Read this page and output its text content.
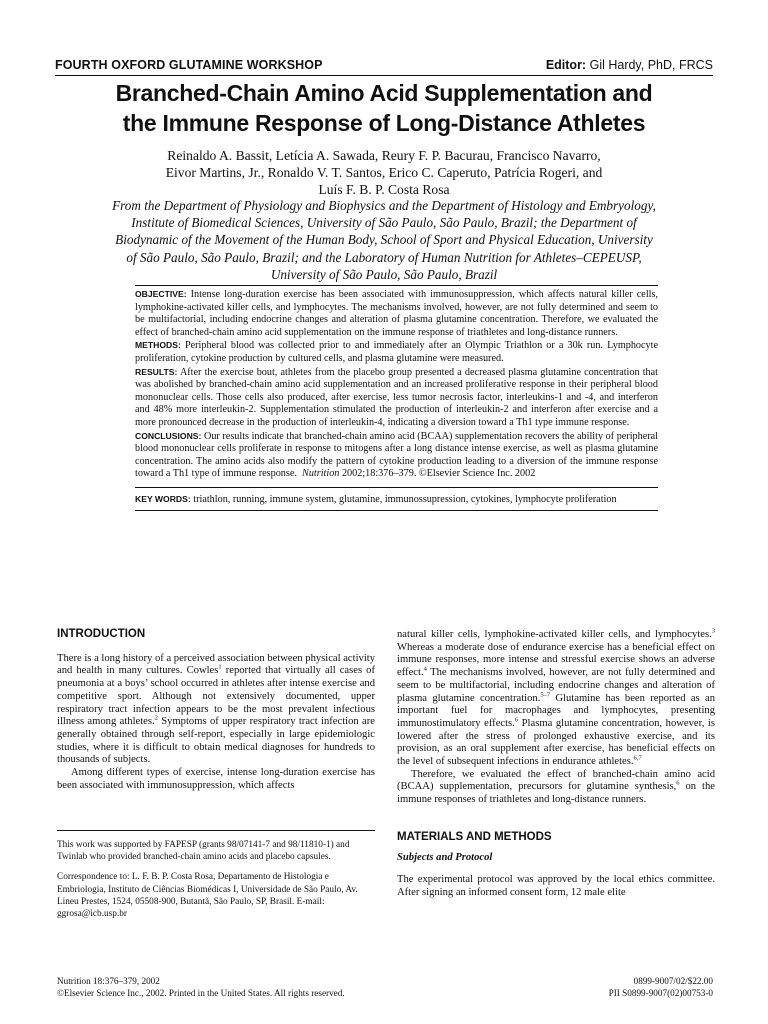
FOURTH OXFORD GLUTAMINE WORKSHOP	Editor: Gil Hardy, PhD, FRCS
Branched-Chain Amino Acid Supplementation and
the Immune Response of Long-Distance Athletes
Reinaldo A. Bassit, Letícia A. Sawada, Reury F. P. Bacurau, Francisco Navarro,
Eivor Martins, Jr., Ronaldo V. T. Santos, Erico C. Caperuto, Patrícia Rogeri, and
Luís F. B. P. Costa Rosa
From the Department of Physiology and Biophysics and the Department of Histology and Embryology, Institute of Biomedical Sciences, University of São Paulo, São Paulo, Brazil; the Department of Biodynamic of the Movement of the Human Body, School of Sport and Physical Education, University of São Paulo, São Paulo, Brazil; and the Laboratory of Human Nutrition for Athletes–CEPEUSP, University of São Paulo, São Paulo, Brazil

OBJECTIVE: Intense long-duration exercise has been associated with immunosuppression, which affects natural killer cells, lymphokine-activated killer cells, and lymphocytes. The mechanisms involved, however, are not fully determined and seem to be multifactorial, including endocrine changes and alteration of plasma glutamine concentration. Therefore, we evaluated the effect of branched-chain amino acid supplementation on the immune response of triathletes and long-distance runners.

METHODS: Peripheral blood was collected prior to and immediately after an Olympic Triathlon or a 30k run. Lymphocyte proliferation, cytokine production by cultured cells, and plasma glutamine were measured.

RESULTS: After the exercise bout, athletes from the placebo group presented a decreased plasma glutamine concentration that was abolished by branched-chain amino acid supplementation and an increased proliferative response in their peripheral blood mononuclear cells. Those cells also produced, after exercise, less tumor necrosis factor, interleukins-1 and -4, and interferon and 48% more interleukin-2. Supplementation stimulated the production of interleukin-2 and interferon after exercise and a more pronounced decrease in the production of interleukin-4, indicating a diversion toward a Th1 type immune response.

CONCLUSIONS: Our results indicate that branched-chain amino acid (BCAA) supplementation recovers the ability of peripheral blood mononuclear cells proliferate in response to mitogens after a long distance intense exercise, as well as plasma glutamine concentration. The amino acids also modify the pattern of cytokine production leading to a diversion of the immune response toward a Th1 type of immune response. Nutrition 2002;18:376–379. ©Elsevier Science Inc. 2002

KEY WORDS: triathlon, running, immune system, glutamine, immunossupression, cytokines, lymphocyte proliferation

INTRODUCTION

There is a long history of a perceived association between physical activity and health in many cultures. Cowles$^1$ reported that virtually all cases of pneumonia at a boys’ school occurred in athletes after intense exercise and competitive sport. Although not extensively documented, upper respiratory tract infection appears to be the most prevalent infectious illness among athletes.$^2$ Symptoms of upper respiratory tract infection are generally obtained through self-report, especially in large epidemiologic studies, where it is difficult to obtain medical diagnoses for hundreds to thousands of subjects.

Among different types of exercise, intense long-duration exercise has been associated with immunosuppression, which affects

This work was supported by FAPESP (grants 98/07141-7 and 98/11810-1) and Twinlab who provided branched-chain amino acids and placebo capsules.

Correspondence to: L. F. B. P. Costa Rosa, Departamento de Histologia e Embriologia, Instituto de Ciências Biomédicas I, Universidade de São Paulo, Av. Lineu Prestes, 1524, 05508-900, Butantã, São Paulo, SP, Brasil. E-mail: ggrosa@icb.usp.br

natural killer cells, lymphokine-activated killer cells, and lymphocytes.$^3$ Whereas a moderate dose of endurance exercise has a beneficial effect on immune responses, more intense and stressful exercise shows an adverse effect.$^4$ The mechanisms involved, however, are not fully determined and seem to be multifactorial, including endocrine changes and alteration of plasma glutamine concentration.$^{5-7}$ Glutamine has been reported as an important fuel for macrophages and lymphocytes, presenting immunostimulatory effects.$^6$ Plasma glutamine concentration, however, is lowered after the stress of prolonged exhaustive exercise, and its provision, as an oral supplement after exercise, has beneficial effects on the level of subsequent infections in endurance athletes.$^{6,7}$

Therefore, we evaluated the effect of branched-chain amino acid (BCAA) supplementation, precursors for glutamine synthesis,$^6$ on the immune responses of triathletes and long-distance runners.

MATERIALS AND METHODS
Subjects and Protocol

The experimental protocol was approved by the local ethics committee. After signing an informed consent form, 12 male elite

Nutrition 18:376–379, 2002
©Elsevier Science Inc., 2002. Printed in the United States. All rights reserved.
0899-9007/02/$22.00
PII S0899-9007(02)00753-0
